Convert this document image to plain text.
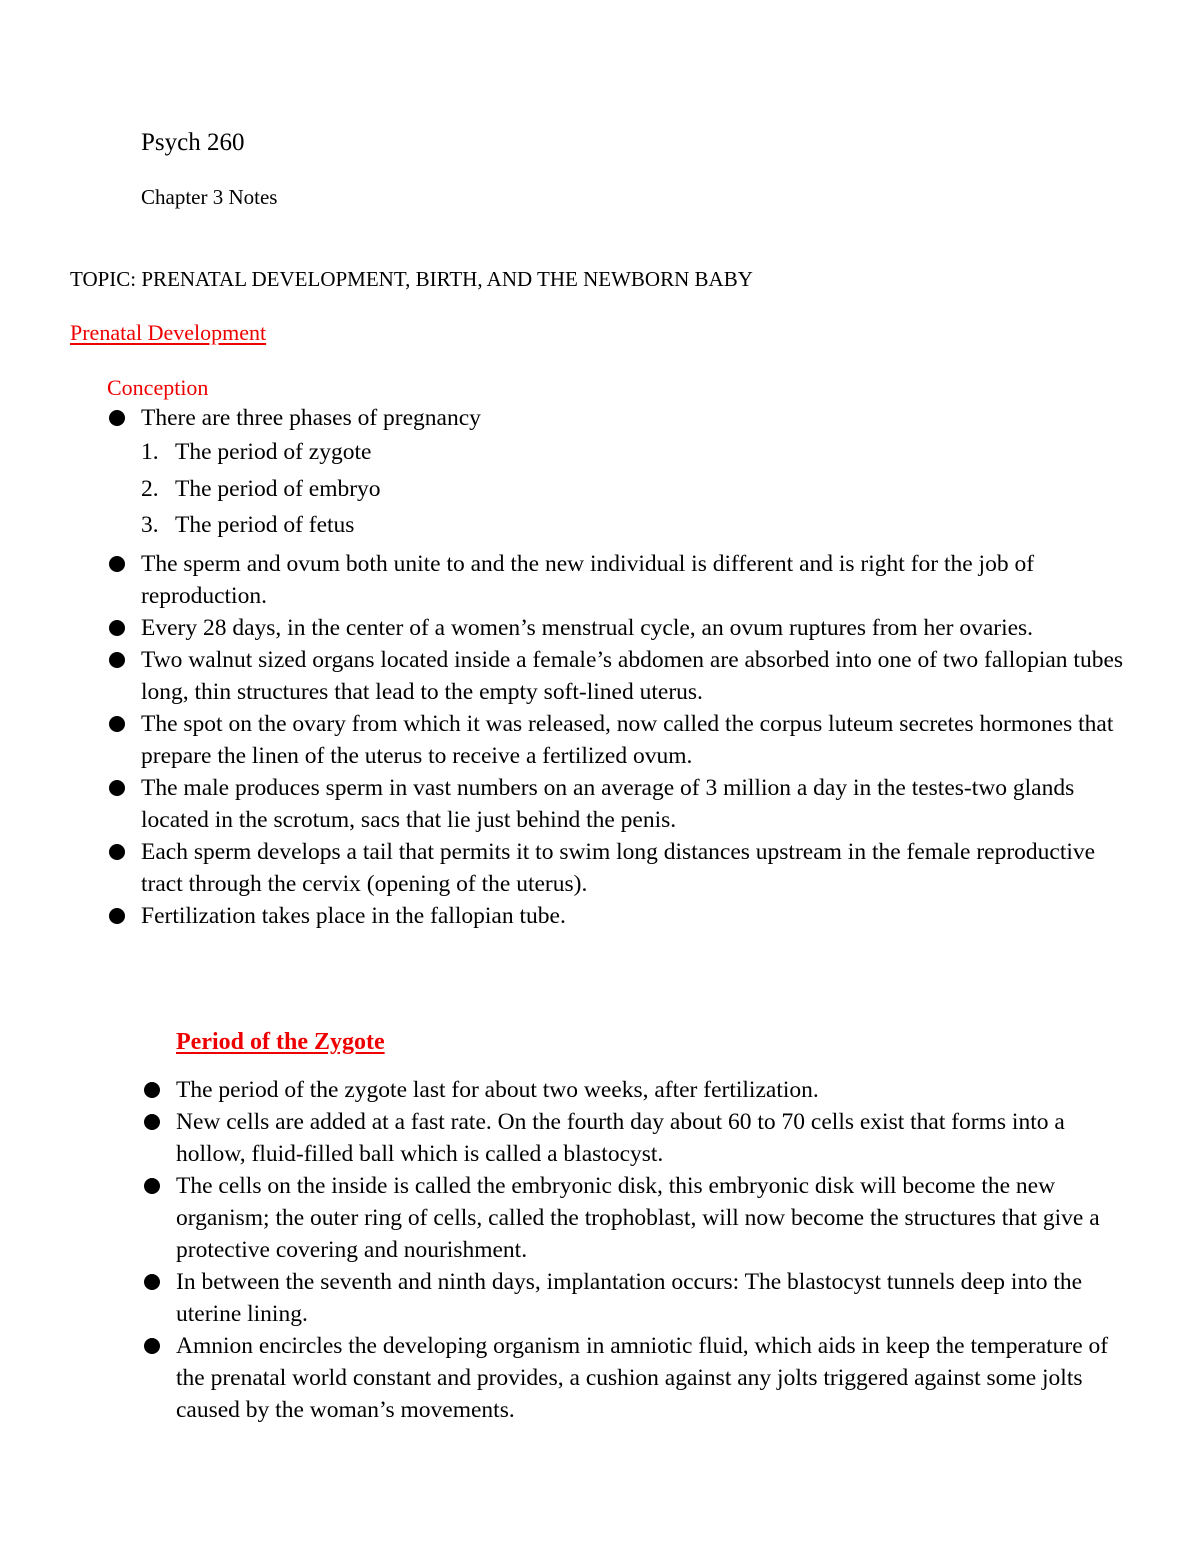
Psych 260
Chapter 3 Notes
TOPIC: PRENATAL DEVELOPMENT, BIRTH, AND THE NEWBORN BABY
Prenatal Development
Conception
There are three phases of pregnancy
1. The period of zygote
2. The period of embryo
3. The period of fetus
The sperm and ovum both unite to and the new individual is different and is right for the job of reproduction.
Every 28 days, in the center of a women’s menstrual cycle, an ovum ruptures from her ovaries.
Two walnut sized organs located inside a female’s abdomen are absorbed into one of two fallopian tubes long, thin structures that lead to the empty soft-lined uterus.
The spot on the ovary from which it was released, now called the corpus luteum secretes hormones that prepare the linen of the uterus to receive a fertilized ovum.
The male produces sperm in vast numbers on an average of 3 million a day in the testes-two glands located in the scrotum, sacs that lie just behind the penis.
Each sperm develops a tail that permits it to swim long distances upstream in the female reproductive tract through the cervix (opening of the uterus).
Fertilization takes place in the fallopian tube.
Period of the Zygote
The period of the zygote last for about two weeks, after fertilization.
New cells are added at a fast rate. On the fourth day about 60 to 70 cells exist that forms into a hollow, fluid-filled ball which is called a blastocyst.
The cells on the inside is called the embryonic disk, this embryonic disk will become the new organism; the outer ring of cells, called the trophoblast, will now become the structures that give a protective covering and nourishment.
In between the seventh and ninth days, implantation occurs: The blastocyst tunnels deep into the uterine lining.
Amnion encircles the developing organism in amniotic fluid, which aids in keep the temperature of the prenatal world constant and provides, a cushion against any jolts triggered against some jolts caused by the woman’s movements.
